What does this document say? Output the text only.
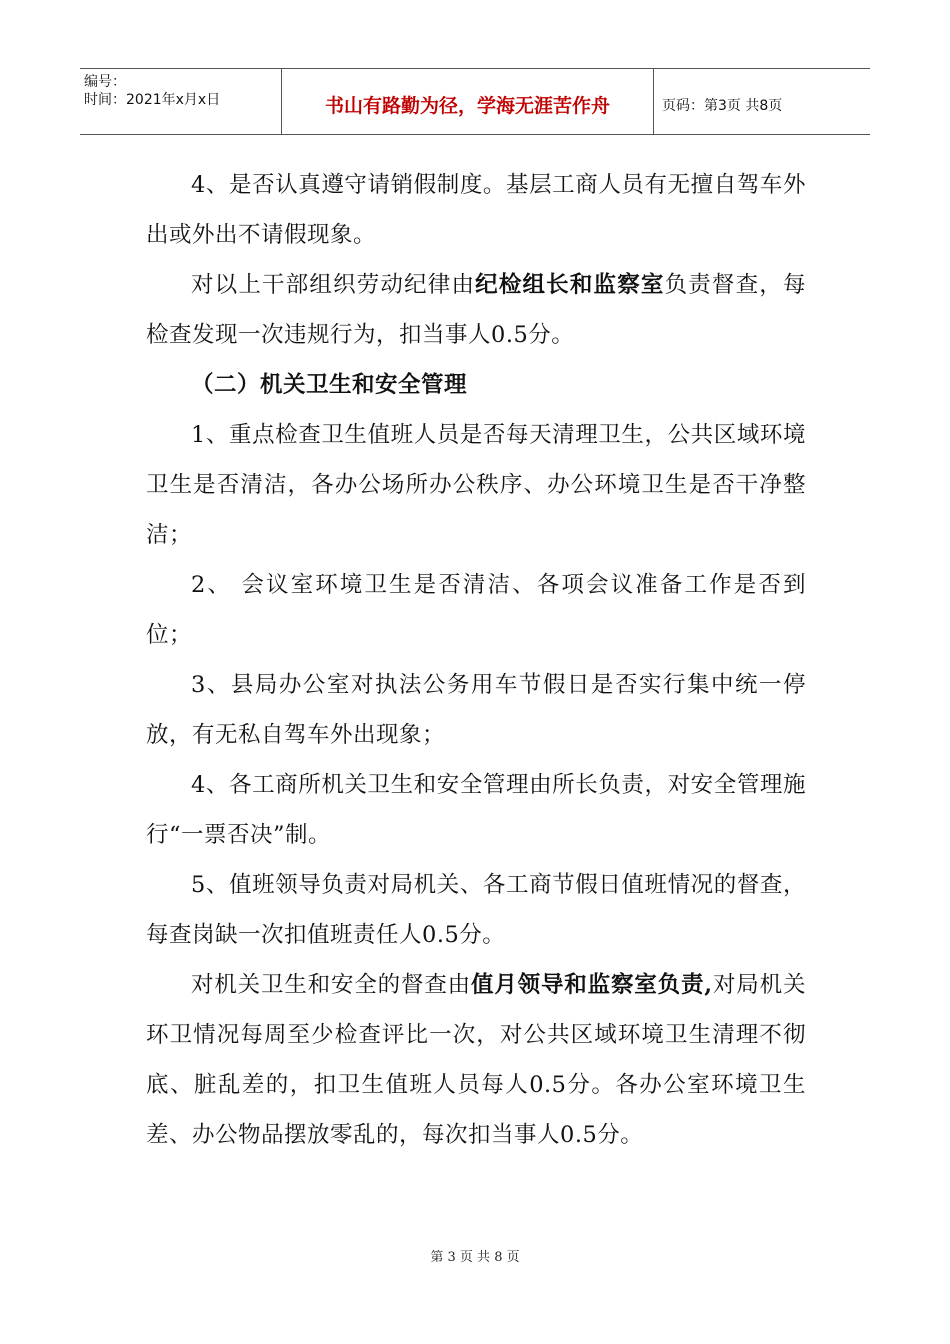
编号：
时间：2021年x月x日	书山有路勤为径，学海无涯苦作舟	页码：第3页 共8页

4、是否认真遵守请销假制度。基层工商人员有无擅自驾车外出或外出不请假现象。

对以上干部组织劳动纪律由纪检组长和监察室负责督查，每检查发现一次违规行为，扣当事人0.5分。

（二）机关卫生和安全管理

1、重点检查卫生值班人员是否每天清理卫生，公共区域环境卫生是否清洁，各办公场所办公秩序、办公环境卫生是否干净整洁；

2、 会议室环境卫生是否清洁、各项会议准备工作是否到位；

3、县局办公室对执法公务用车节假日是否实行集中统一停放，有无私自驾车外出现象；

4、各工商所机关卫生和安全管理由所长负责，对安全管理施行“一票否决”制。

5、值班领导负责对局机关、各工商节假日值班情况的督查，每查岗缺一次扣值班责任人0.5分。

对机关卫生和安全的督查由值月领导和监察室负责,对局机关环卫情况每周至少检查评比一次，对公共区域环境卫生清理不彻底、脏乱差的，扣卫生值班人员每人0.5分。各办公室环境卫生差、办公物品摆放零乱的，每次扣当事人0.5分。

第 3 页 共 8 页
